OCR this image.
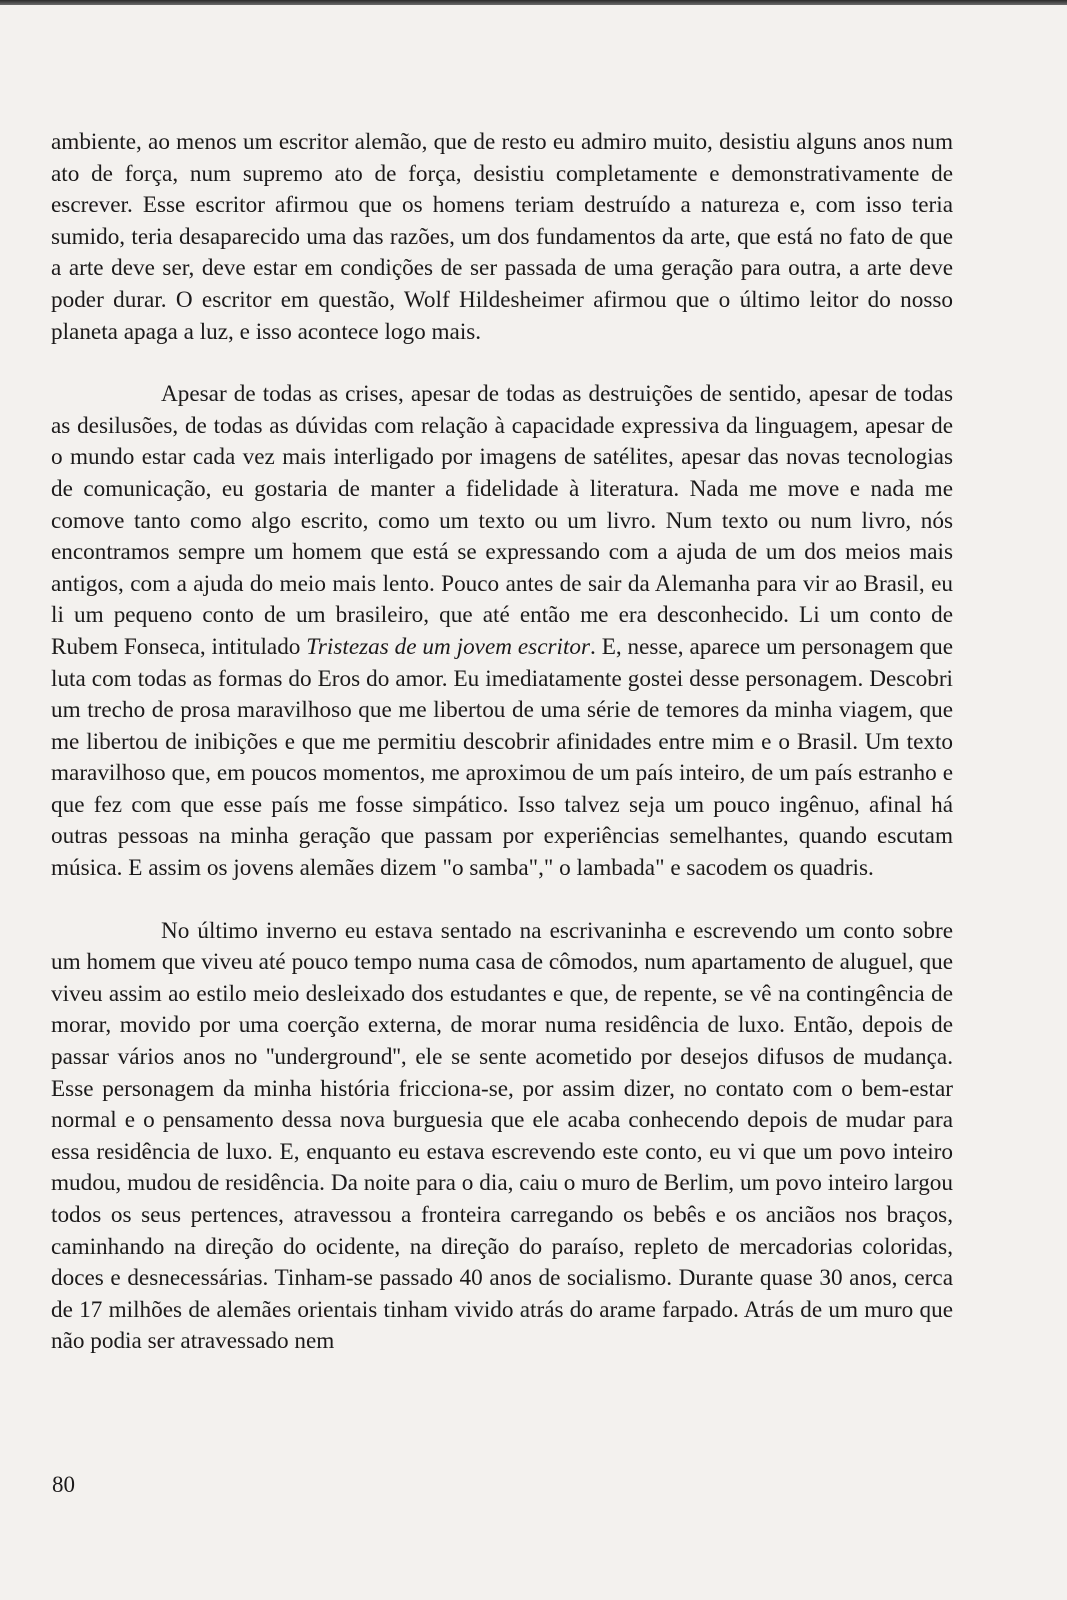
ambiente, ao menos um escritor alemão, que de resto eu admiro muito, desistiu alguns anos num ato de força, num supremo ato de força, desistiu completamente e demonstrativamente de escrever. Esse escritor afirmou que os homens teriam destruído a natureza e, com isso teria sumido, teria desaparecido uma das razões, um dos fundamentos da arte, que está no fato de que a arte deve ser, deve estar em condições de ser passada de uma geração para outra, a arte deve poder durar. O escritor em questão, Wolf Hildesheimer afirmou que o último leitor do nosso planeta apaga a luz, e isso acontece logo mais.

Apesar de todas as crises, apesar de todas as destruições de sentido, apesar de todas as desilusões, de todas as dúvidas com relação à capacidade expressiva da linguagem, apesar de o mundo estar cada vez mais interligado por imagens de satélites, apesar das novas tecnologias de comunicação, eu gostaria de manter a fidelidade à literatura. Nada me move e nada me comove tanto como algo escrito, como um texto ou um livro. Num texto ou num livro, nós encontramos sempre um homem que está se expressando com a ajuda de um dos meios mais antigos, com a ajuda do meio mais lento. Pouco antes de sair da Alemanha para vir ao Brasil, eu li um pequeno conto de um brasileiro, que até então me era desconhecido. Li um conto de Rubem Fonseca, intitulado Tristezas de um jovem escritor. E, nesse, aparece um personagem que luta com todas as formas do Eros do amor. Eu imediatamente gostei desse personagem. Descobri um trecho de prosa maravilhoso que me libertou de uma série de temores da minha viagem, que me libertou de inibições e que me permitiu descobrir afinidades entre mim e o Brasil. Um texto maravilhoso que, em poucos momentos, me aproximou de um país inteiro, de um país estranho e que fez com que esse país me fosse simpático. Isso talvez seja um pouco ingênuo, afinal há outras pessoas na minha geração que passam por experiências semelhantes, quando escutam música. E assim os jovens alemães dizem "o samba"," o lambada" e sacodem os quadris.

No último inverno eu estava sentado na escrivaninha e escrevendo um conto sobre um homem que viveu até pouco tempo numa casa de cômodos, num apartamento de aluguel, que viveu assim ao estilo meio desleixado dos estudantes e que, de repente, se vê na contingência de morar, movido por uma coerção externa, de morar numa residência de luxo. Então, depois de passar vários anos no ''underground'', ele se sente acometido por desejos difusos de mudança. Esse personagem da minha história fricciona-se, por assim dizer, no contato com o bem-estar normal e o pensamento dessa nova burguesia que ele acaba conhecendo depois de mudar para essa residência de luxo. E, enquanto eu estava escrevendo este conto, eu vi que um povo inteiro mudou, mudou de residência. Da noite para o dia, caiu o muro de Berlim, um povo inteiro largou todos os seus pertences, atravessou a fronteira carregando os bebês e os anciãos nos braços, caminhando na direção do ocidente, na direção do paraíso, repleto de mercadorias coloridas, doces e desnecessárias. Tinham-se passado 40 anos de socialismo. Durante quase 30 anos, cerca de 17 milhões de alemães orientais tinham vivido atrás do arame farpado. Atrás de um muro que não podia ser atravessado nem

80
